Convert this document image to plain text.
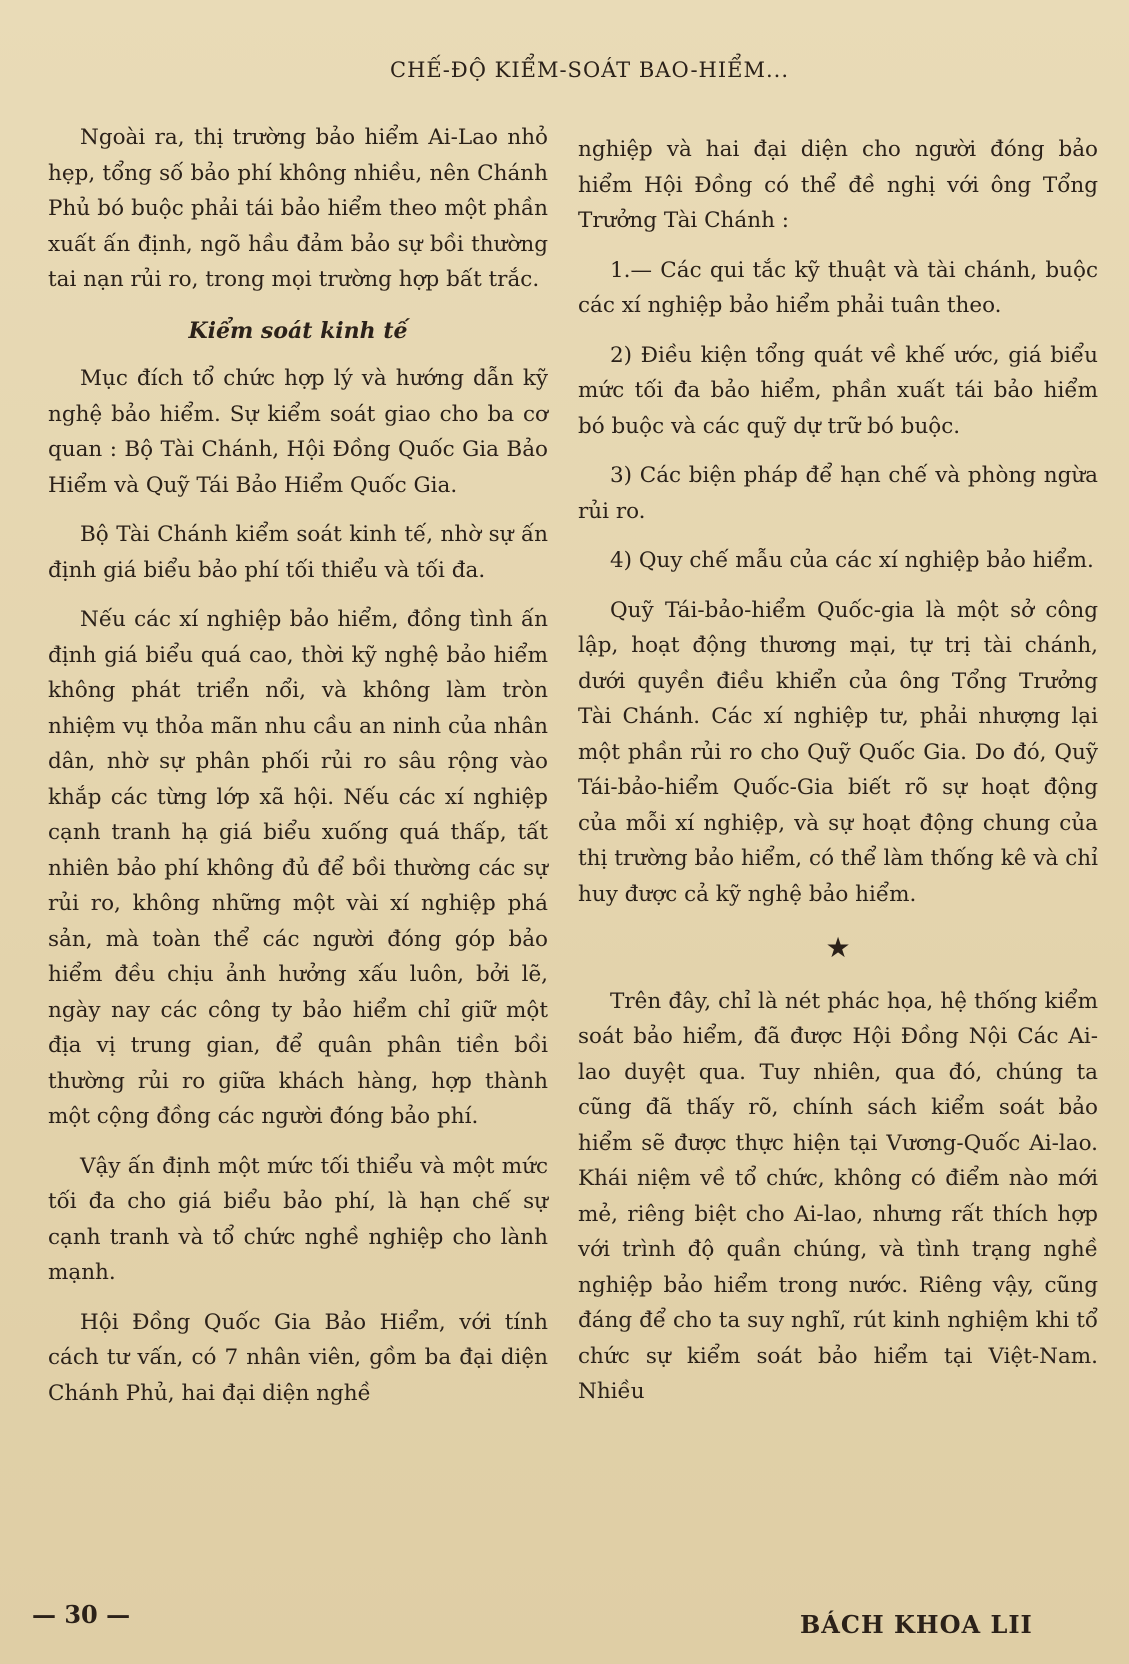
CHẾ-ĐỘ KIỂM-SOÁT BAO-HIỂM...

Ngoài ra, thị trường bảo hiểm Ai-Lao nhỏ hẹp, tổng số bảo phí không nhiều, nên Chánh Phủ bó buộc phải tái bảo hiểm theo một phần xuất ấn định, ngõ hầu đảm bảo sự bồi thường tai nạn rủi ro, trong mọi trường hợp bất trắc.

Kiểm soát kinh tế

Mục đích tổ chức hợp lý và hướng dẫn kỹ nghệ bảo hiểm. Sự kiểm soát giao cho ba cơ quan : Bộ Tài Chánh, Hội Đồng Quốc Gia Bảo Hiểm và Quỹ Tái Bảo Hiểm Quốc Gia.

Bộ Tài Chánh kiểm soát kinh tế, nhờ sự ấn định giá biểu bảo phí tối thiểu và tối đa.

Nếu các xí nghiệp bảo hiểm, đồng tình ấn định giá biểu quá cao, thời kỹ nghệ bảo hiểm không phát triển nổi, và không làm tròn nhiệm vụ thỏa mãn nhu cầu an ninh của nhân dân, nhờ sự phân phối rủi ro sâu rộng vào khắp các từng lớp xã hội. Nếu các xí nghiệp cạnh tranh hạ giá biểu xuống quá thấp, tất nhiên bảo phí không đủ để bồi thường các sự rủi ro, không những một vài xí nghiệp phá sản, mà toàn thể các người đóng góp bảo hiểm đều chịu ảnh hưởng xấu luôn, bởi lẽ, ngày nay các công ty bảo hiểm chỉ giữ một địa vị trung gian, để quân phân tiền bồi thường rủi ro giữa khách hàng, hợp thành một cộng đồng các người đóng bảo phí.

Vậy ấn định một mức tối thiểu và một mức tối đa cho giá biểu bảo phí, là hạn chế sự cạnh tranh và tổ chức nghề nghiệp cho lành mạnh.

Hội Đồng Quốc Gia Bảo Hiểm, với tính cách tư vấn, có 7 nhân viên, gồm ba đại diện Chánh Phủ, hai đại diện nghề

nghiệp và hai đại diện cho người đóng bảo hiểm Hội Đồng có thể đề nghị với ông Tổng Trưởng Tài Chánh :

1.— Các qui tắc kỹ thuật và tài chánh, buộc các xí nghiệp bảo hiểm phải tuân theo.

2) Điều kiện tổng quát về khế ước, giá biểu mức tối đa bảo hiểm, phần xuất tái bảo hiểm bó buộc và các quỹ dự trữ bó buộc.

3) Các biện pháp để hạn chế và phòng ngừa rủi ro.

4) Quy chế mẫu của các xí nghiệp bảo hiểm.

Quỹ Tái-bảo-hiểm Quốc-gia là một sở công lập, hoạt động thương mại, tự trị tài chánh, dưới quyền điều khiển của ông Tổng Trưởng Tài Chánh. Các xí nghiệp tư, phải nhượng lại một phần rủi ro cho Quỹ Quốc Gia. Do đó, Quỹ Tái-bảo-hiểm Quốc-Gia biết rõ sự hoạt động của mỗi xí nghiệp, và sự hoạt động chung của thị trường bảo hiểm, có thể làm thống kê và chỉ huy được cả kỹ nghệ bảo hiểm.

★

Trên đây, chỉ là nét phác họa, hệ thống kiểm soát bảo hiểm, đã được Hội Đồng Nội Các Ai-lao duyệt qua. Tuy nhiên, qua đó, chúng ta cũng đã thấy rõ, chính sách kiểm soát bảo hiểm sẽ được thực hiện tại Vương-Quốc Ai-lao. Khái niệm về tổ chức, không có điểm nào mới mẻ, riêng biệt cho Ai-lao, nhưng rất thích hợp với trình độ quần chúng, và tình trạng nghề nghiệp bảo hiểm trong nước. Riêng vậy, cũng đáng để cho ta suy nghĩ, rút kinh nghiệm khi tổ chức sự kiểm soát bảo hiểm tại Việt-Nam. Nhiều

— 30 —	BÁCH KHOA LII
